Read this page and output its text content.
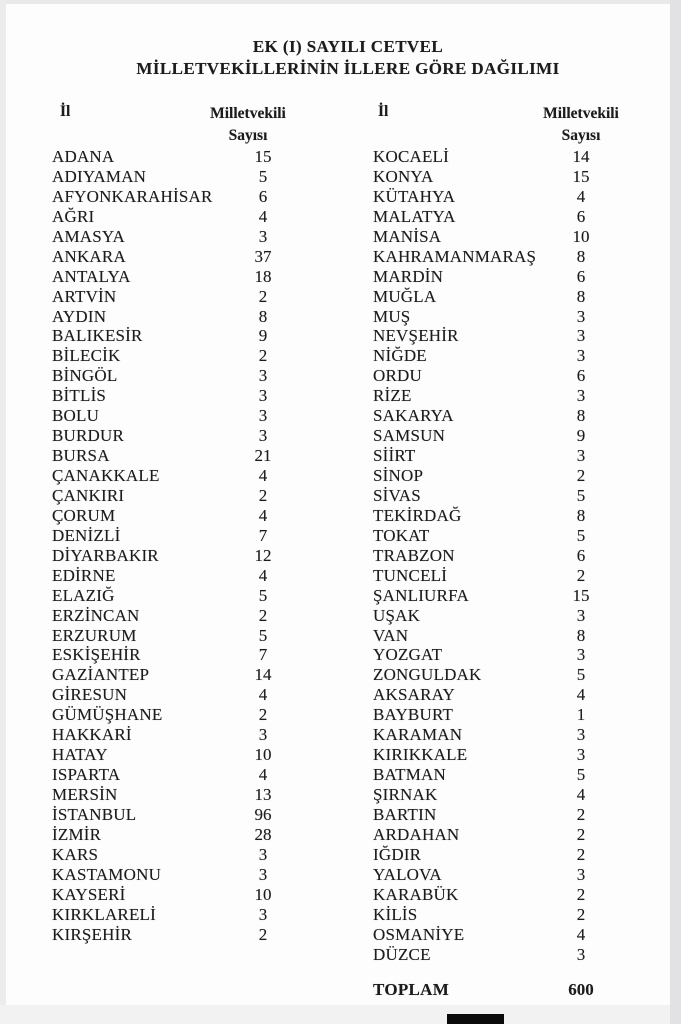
EK (I) SAYILI CETVEL
MİLLETVEKİLLERİNİN İLLERE GÖRE DAĞILIMI
İl	Milletvekili
Sayısı
İl	Milletvekili
Sayısı
ADANA	15
ADIYAMAN	5
AFYONKARAHİSAR	6
AĞRI	4
AMASYA	3
ANKARA	37
ANTALYA	18
ARTVİN	2
AYDIN	8
BALIKESİR	9
BİLECİK	2
BİNGÖL	3
BİTLİS	3
BOLU	3
BURDUR	3
BURSA	21
ÇANAKKALE	4
ÇANKIRI	2
ÇORUM	4
DENİZLİ	7
DİYARBAKIR	12
EDİRNE	4
ELAZIĞ	5
ERZİNCAN	2
ERZURUM	5
ESKİŞEHİR	7
GAZİANTEP	14
GİRESUN	4
GÜMÜŞHANE	2
HAKKARİ	3
HATAY	10
ISPARTA	4
MERSİN	13
İSTANBUL	96
İZMİR	28
KARS	3
KASTAMONU	3
KAYSERİ	10
KIRKLARELİ	3
KIRŞEHİR	2
KOCAELİ	14
KONYA	15
KÜTAHYA	4
MALATYA	6
MANİSA	10
KAHRAMANMARAŞ	8
MARDİN	6
MUĞLA	8
MUŞ	3
NEVŞEHİR	3
NİĞDE	3
ORDU	6
RİZE	3
SAKARYA	8
SAMSUN	9
SİİRT	3
SİNOP	2
SİVAS	5
TEKİRDAĞ	8
TOKAT	5
TRABZON	6
TUNCELİ	2
ŞANLIURFA	15
UŞAK	3
VAN	8
YOZGAT	3
ZONGULDAK	5
AKSARAY	4
BAYBURT	1
KARAMAN	3
KIRIKKALE	3
BATMAN	5
ŞIRNAK	4
BARTIN	2
ARDAHAN	2
IĞDIR	2
YALOVA	3
KARABÜK	2
KİLİS	2
OSMANİYE	4
DÜZCE	3
TOPLAM	600
